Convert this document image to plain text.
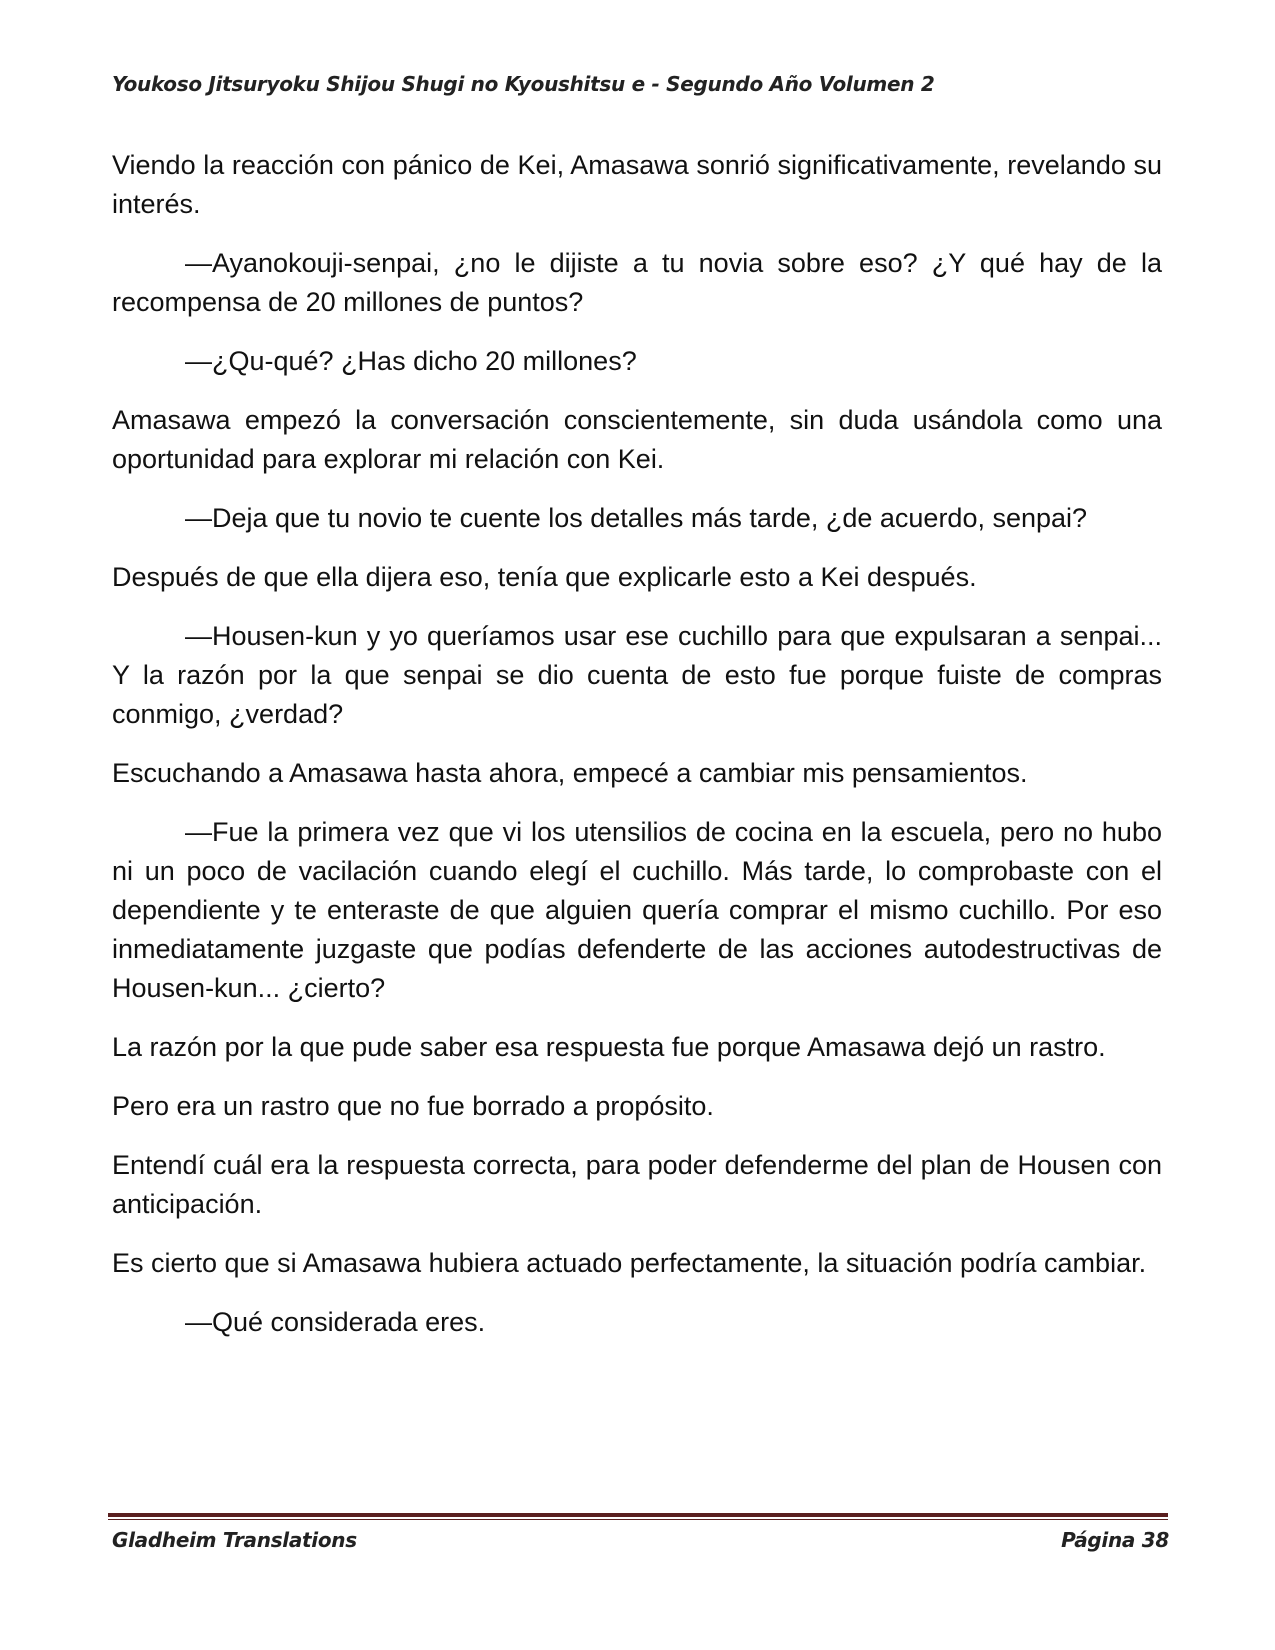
Youkoso Jitsuryoku Shijou Shugi no Kyoushitsu e - Segundo Año Volumen 2

Viendo la reacción con pánico de Kei, Amasawa sonrió significativamente, revelando su interés.

—Ayanokouji-senpai, ¿no le dijiste a tu novia sobre eso? ¿Y qué hay de la recompensa de 20 millones de puntos?

—¿Qu-qué? ¿Has dicho 20 millones?

Amasawa empezó la conversación conscientemente, sin duda usándola como una oportunidad para explorar mi relación con Kei.

—Deja que tu novio te cuente los detalles más tarde, ¿de acuerdo, senpai?

Después de que ella dijera eso, tenía que explicarle esto a Kei después.

—Housen-kun y yo queríamos usar ese cuchillo para que expulsaran a senpai... Y la razón por la que senpai se dio cuenta de esto fue porque fuiste de compras conmigo, ¿verdad?

Escuchando a Amasawa hasta ahora, empecé a cambiar mis pensamientos.

—Fue la primera vez que vi los utensilios de cocina en la escuela, pero no hubo ni un poco de vacilación cuando elegí el cuchillo. Más tarde, lo comprobaste con el dependiente y te enteraste de que alguien quería comprar el mismo cuchillo. Por eso inmediatamente juzgaste que podías defenderte de las acciones autodestructivas de Housen-kun... ¿cierto?

La razón por la que pude saber esa respuesta fue porque Amasawa dejó un rastro.

Pero era un rastro que no fue borrado a propósito.

Entendí cuál era la respuesta correcta, para poder defenderme del plan de Housen con anticipación.

Es cierto que si Amasawa hubiera actuado perfectamente, la situación podría cambiar.

—Qué considerada eres.

Gladheim Translations	Página 38
